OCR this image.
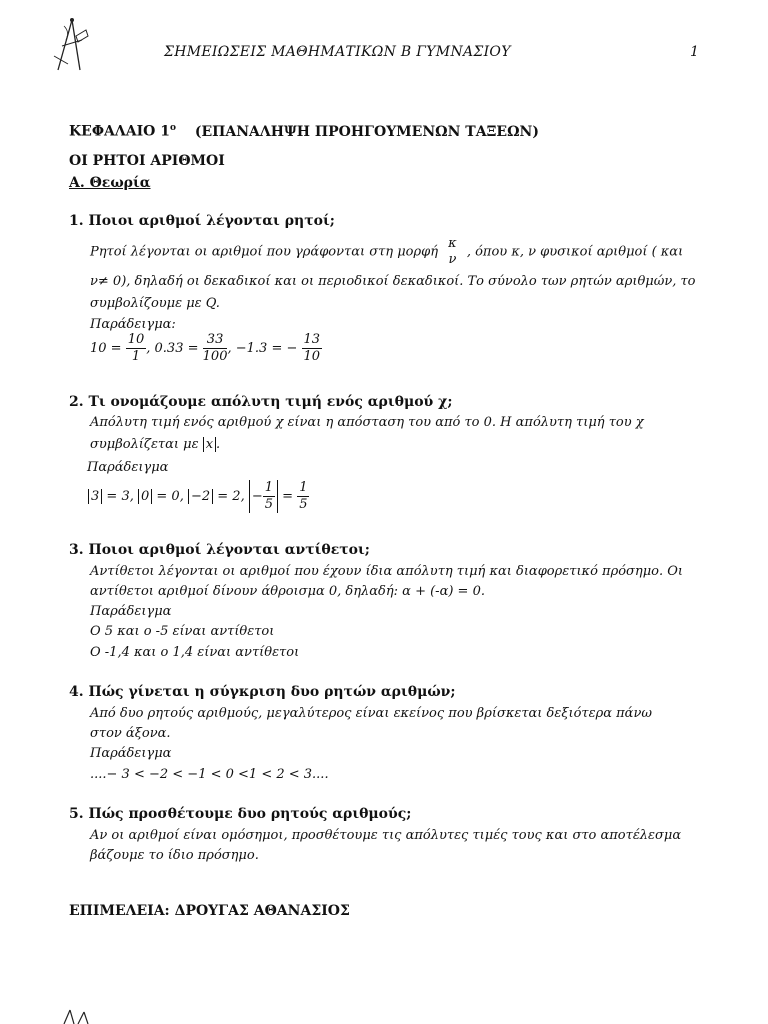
ΣΗΜΕΙΩΣΕΙΣ ΜΑΘΗΜΑΤΙΚΩΝ Β ΓΥΜΝΑΣΙΟΥ	1
ΚΕΦΑΛΑΙΟ $1^o$ (ΕΠΑΝΑΛΗΨΗ ΠΡΟΗΓΟΥΜΕΝΩΝ ΤΑΞΕΩΝ)
ΟΙ ΡΗΤΟΙ ΑΡΙΘΜΟΙ
Α. Θεωρία
1. Ποιοι αριθμοί λέγονται ρητοί;
Ρητοί λέγονται οι αριθμοί που γράφονται στη μορφή
κ
ν , όπου κ, ν φυσικοί αριθμοί ( και
ν≠ 0), δηλαδή οι δεκαδικοί και οι περιοδικοί δεκαδικοί. Το σύνολο των ρητών αριθμών, το
συμβολίζουμε με Q.
Παράδειγμα:
$10 = \frac{10}{1}$ , $0.33 = \frac{33}{100}$ , −1.3 = − $\frac{13}{10}$
2. Τι ονομάζουμε απόλυτη τιμή ενός αριθμού χ;
Απόλυτη τιμή ενός αριθμού χ είναι η απόσταση του από το 0. Η απόλυτη τιμή του χ
συμβολίζεται με x .
Παράδειγμα
3 = 3, 0 = 0, −2 = 2, − $\frac{1}{5} = \frac{1}{5}$
3. Ποιοι αριθμοί λέγονται αντίθετοι;
Αντίθετοι λέγονται οι αριθμοί που έχουν ίδια απόλυτη τιμή και διαφορετικό πρόσημο. Οι
αντίθετοι αριθμοί δίνουν άθροισμα 0, δηλαδή: α + (-α) = 0.
Παράδειγμα
Ο 5 και ο -5 είναι αντίθετοι
Ο -1,4 και ο 1,4 είναι αντίθετοι
4. Πώς γίνεται η σύγκριση δυο ρητών αριθμών;
Από δυο ρητούς αριθμούς, μεγαλύτερος είναι εκείνος που βρίσκεται δεξιότερα πάνω
στον άξονα.
Παράδειγμα
....− 3 < −2 < −1 < 0 <1 < 2 < 3....
5. Πώς προσθέτουμε δυο ρητούς αριθμούς;
Αν οι αριθμοί είναι ομόσημοι, προσθέτουμε τις απόλυτες τιμές τους και στο αποτέλεσμα
βάζουμε το ίδιο πρόσημο.
ΕΠΙΜΕΛΕΙΑ: ΔΡΟΥΓΑΣ ΑΘΑΝΑΣΙΟΣ
